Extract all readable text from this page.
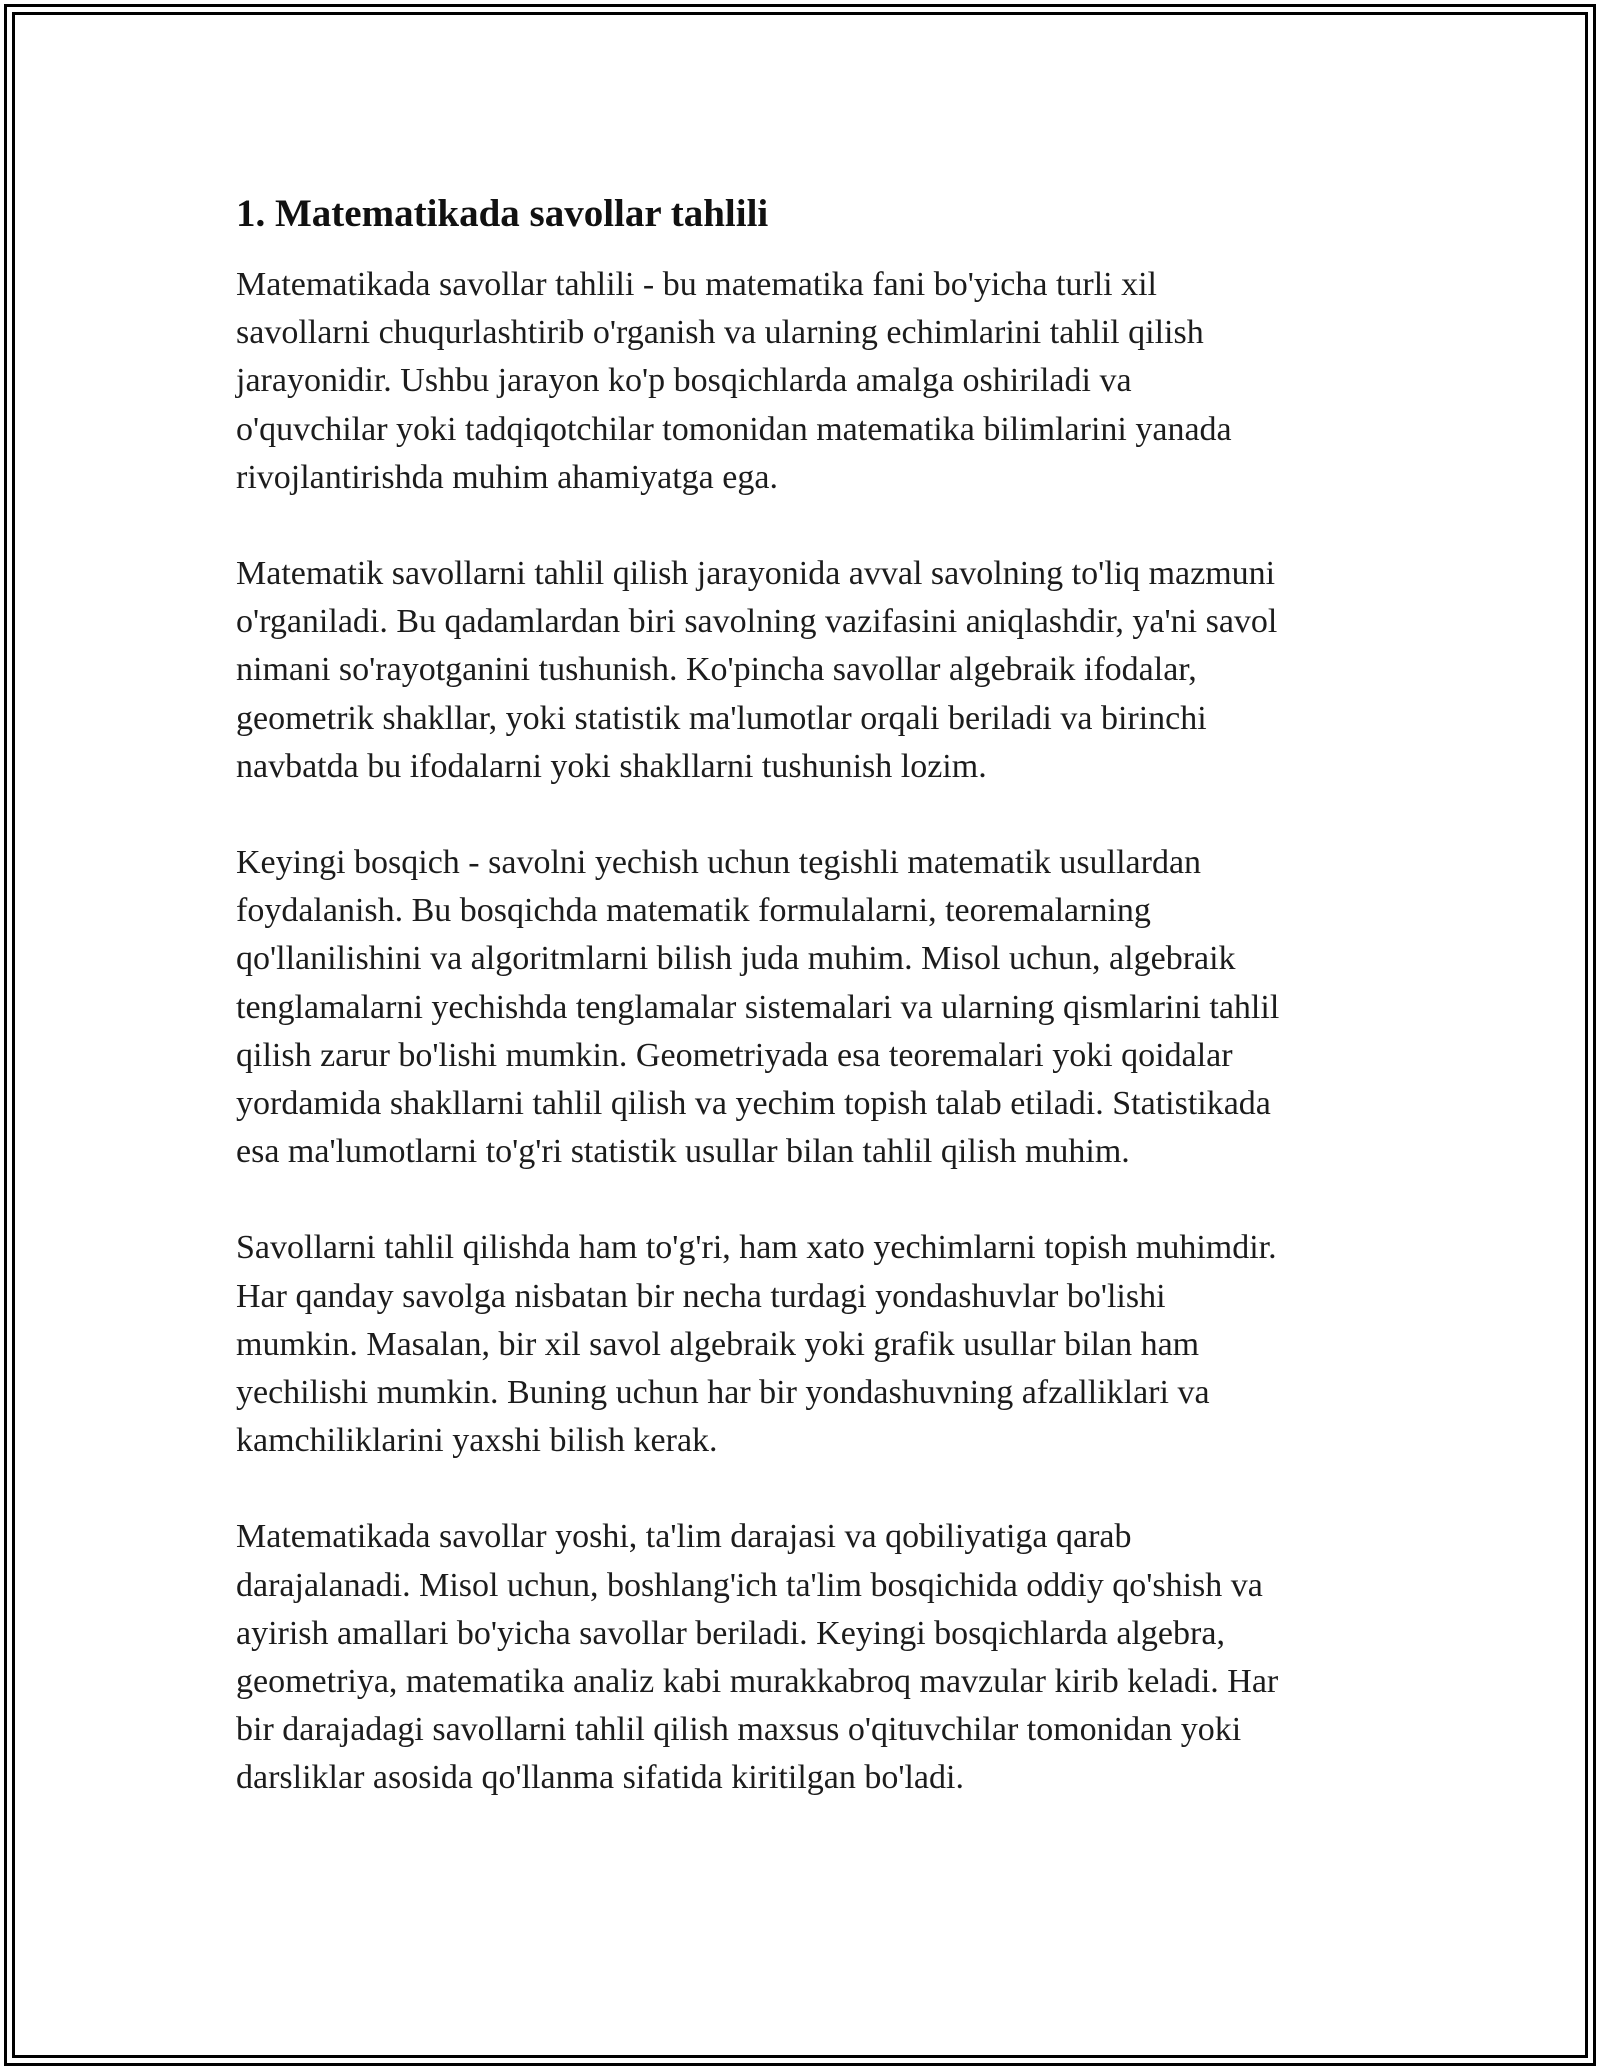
1. Matematikada savollar tahlili

Matematikada savollar tahlili - bu matematika fani bo'yicha turli xil
savollarni chuqurlashtirib o'rganish va ularning echimlarini tahlil qilish
jarayonidir. Ushbu jarayon ko'p bosqichlarda amalga oshiriladi va
o'quvchilar yoki tadqiqotchilar tomonidan matematika bilimlarini yanada
rivojlantirishda muhim ahamiyatga ega.

Matematik savollarni tahlil qilish jarayonida avval savolning to'liq mazmuni
o'rganiladi. Bu qadamlardan biri savolning vazifasini aniqlashdir, ya'ni savol
nimani so'rayotganini tushunish. Ko'pincha savollar algebraik ifodalar,
geometrik shakllar, yoki statistik ma'lumotlar orqali beriladi va birinchi
navbatda bu ifodalarni yoki shakllarni tushunish lozim.

Keyingi bosqich - savolni yechish uchun tegishli matematik usullardan
foydalanish. Bu bosqichda matematik formulalarni, teoremalarning
qo'llanilishini va algoritmlarni bilish juda muhim. Misol uchun, algebraik
tenglamalarni yechishda tenglamalar sistemalari va ularning qismlarini tahlil
qilish zarur bo'lishi mumkin. Geometriyada esa teoremalari yoki qoidalar
yordamida shakllarni tahlil qilish va yechim topish talab etiladi. Statistikada
esa ma'lumotlarni to'g'ri statistik usullar bilan tahlil qilish muhim.

Savollarni tahlil qilishda ham to'g'ri, ham xato yechimlarni topish muhimdir.
Har qanday savolga nisbatan bir necha turdagi yondashuvlar bo'lishi
mumkin. Masalan, bir xil savol algebraik yoki grafik usullar bilan ham
yechilishi mumkin. Buning uchun har bir yondashuvning afzalliklari va
kamchiliklarini yaxshi bilish kerak.

Matematikada savollar yoshi, ta'lim darajasi va qobiliyatiga qarab
darajalanadi. Misol uchun, boshlang'ich ta'lim bosqichida oddiy qo'shish va
ayirish amallari bo'yicha savollar beriladi. Keyingi bosqichlarda algebra,
geometriya, matematika analiz kabi murakkabroq mavzular kirib keladi. Har
bir darajadagi savollarni tahlil qilish maxsus o'qituvchilar tomonidan yoki
darsliklar asosida qo'llanma sifatida kiritilgan bo'ladi.
